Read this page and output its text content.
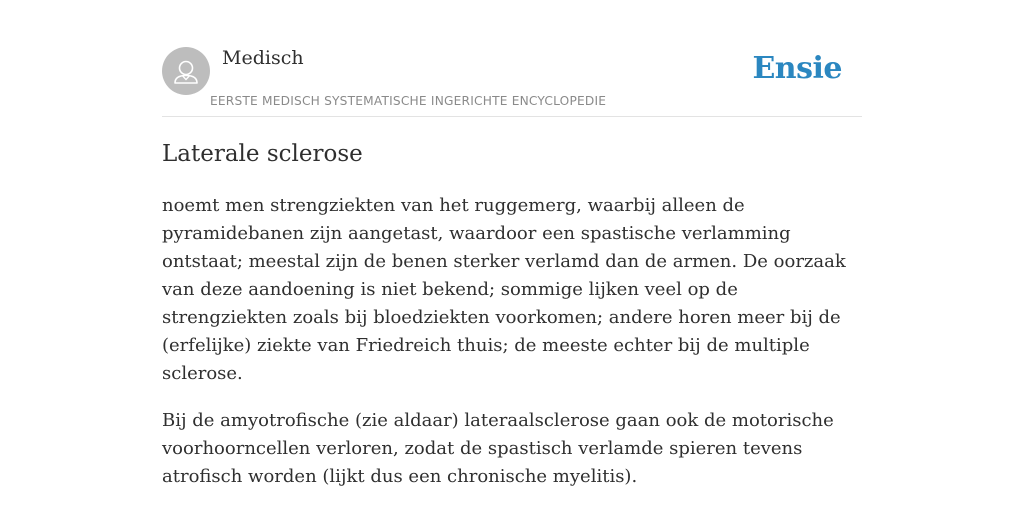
Medisch
EERSTE MEDISCH SYSTEMATISCHE INGERICHTE ENCYCLOPEDIE
Ensie
Laterale sclerose

noemt men strengziekten van het ruggemerg, waarbij alleen de pyramidebanen zijn aangetast, waardoor een spastische verlamming ontstaat; meestal zijn de benen sterker verlamd dan de armen. De oorzaak van deze aandoening is niet bekend; sommige lijken veel op de strengziekten zoals bij bloedziekten voorkomen; andere horen meer bij de (erfelijke) ziekte van Friedreich thuis; de meeste echter bij de multiple sclerose.

Bij de amyotrofische (zie aldaar) lateraalsclerose gaan ook de motorische voorhoorncellen verloren, zodat de spastisch verlamde spieren tevens atrofisch worden (lijkt dus een chronische myelitis).
